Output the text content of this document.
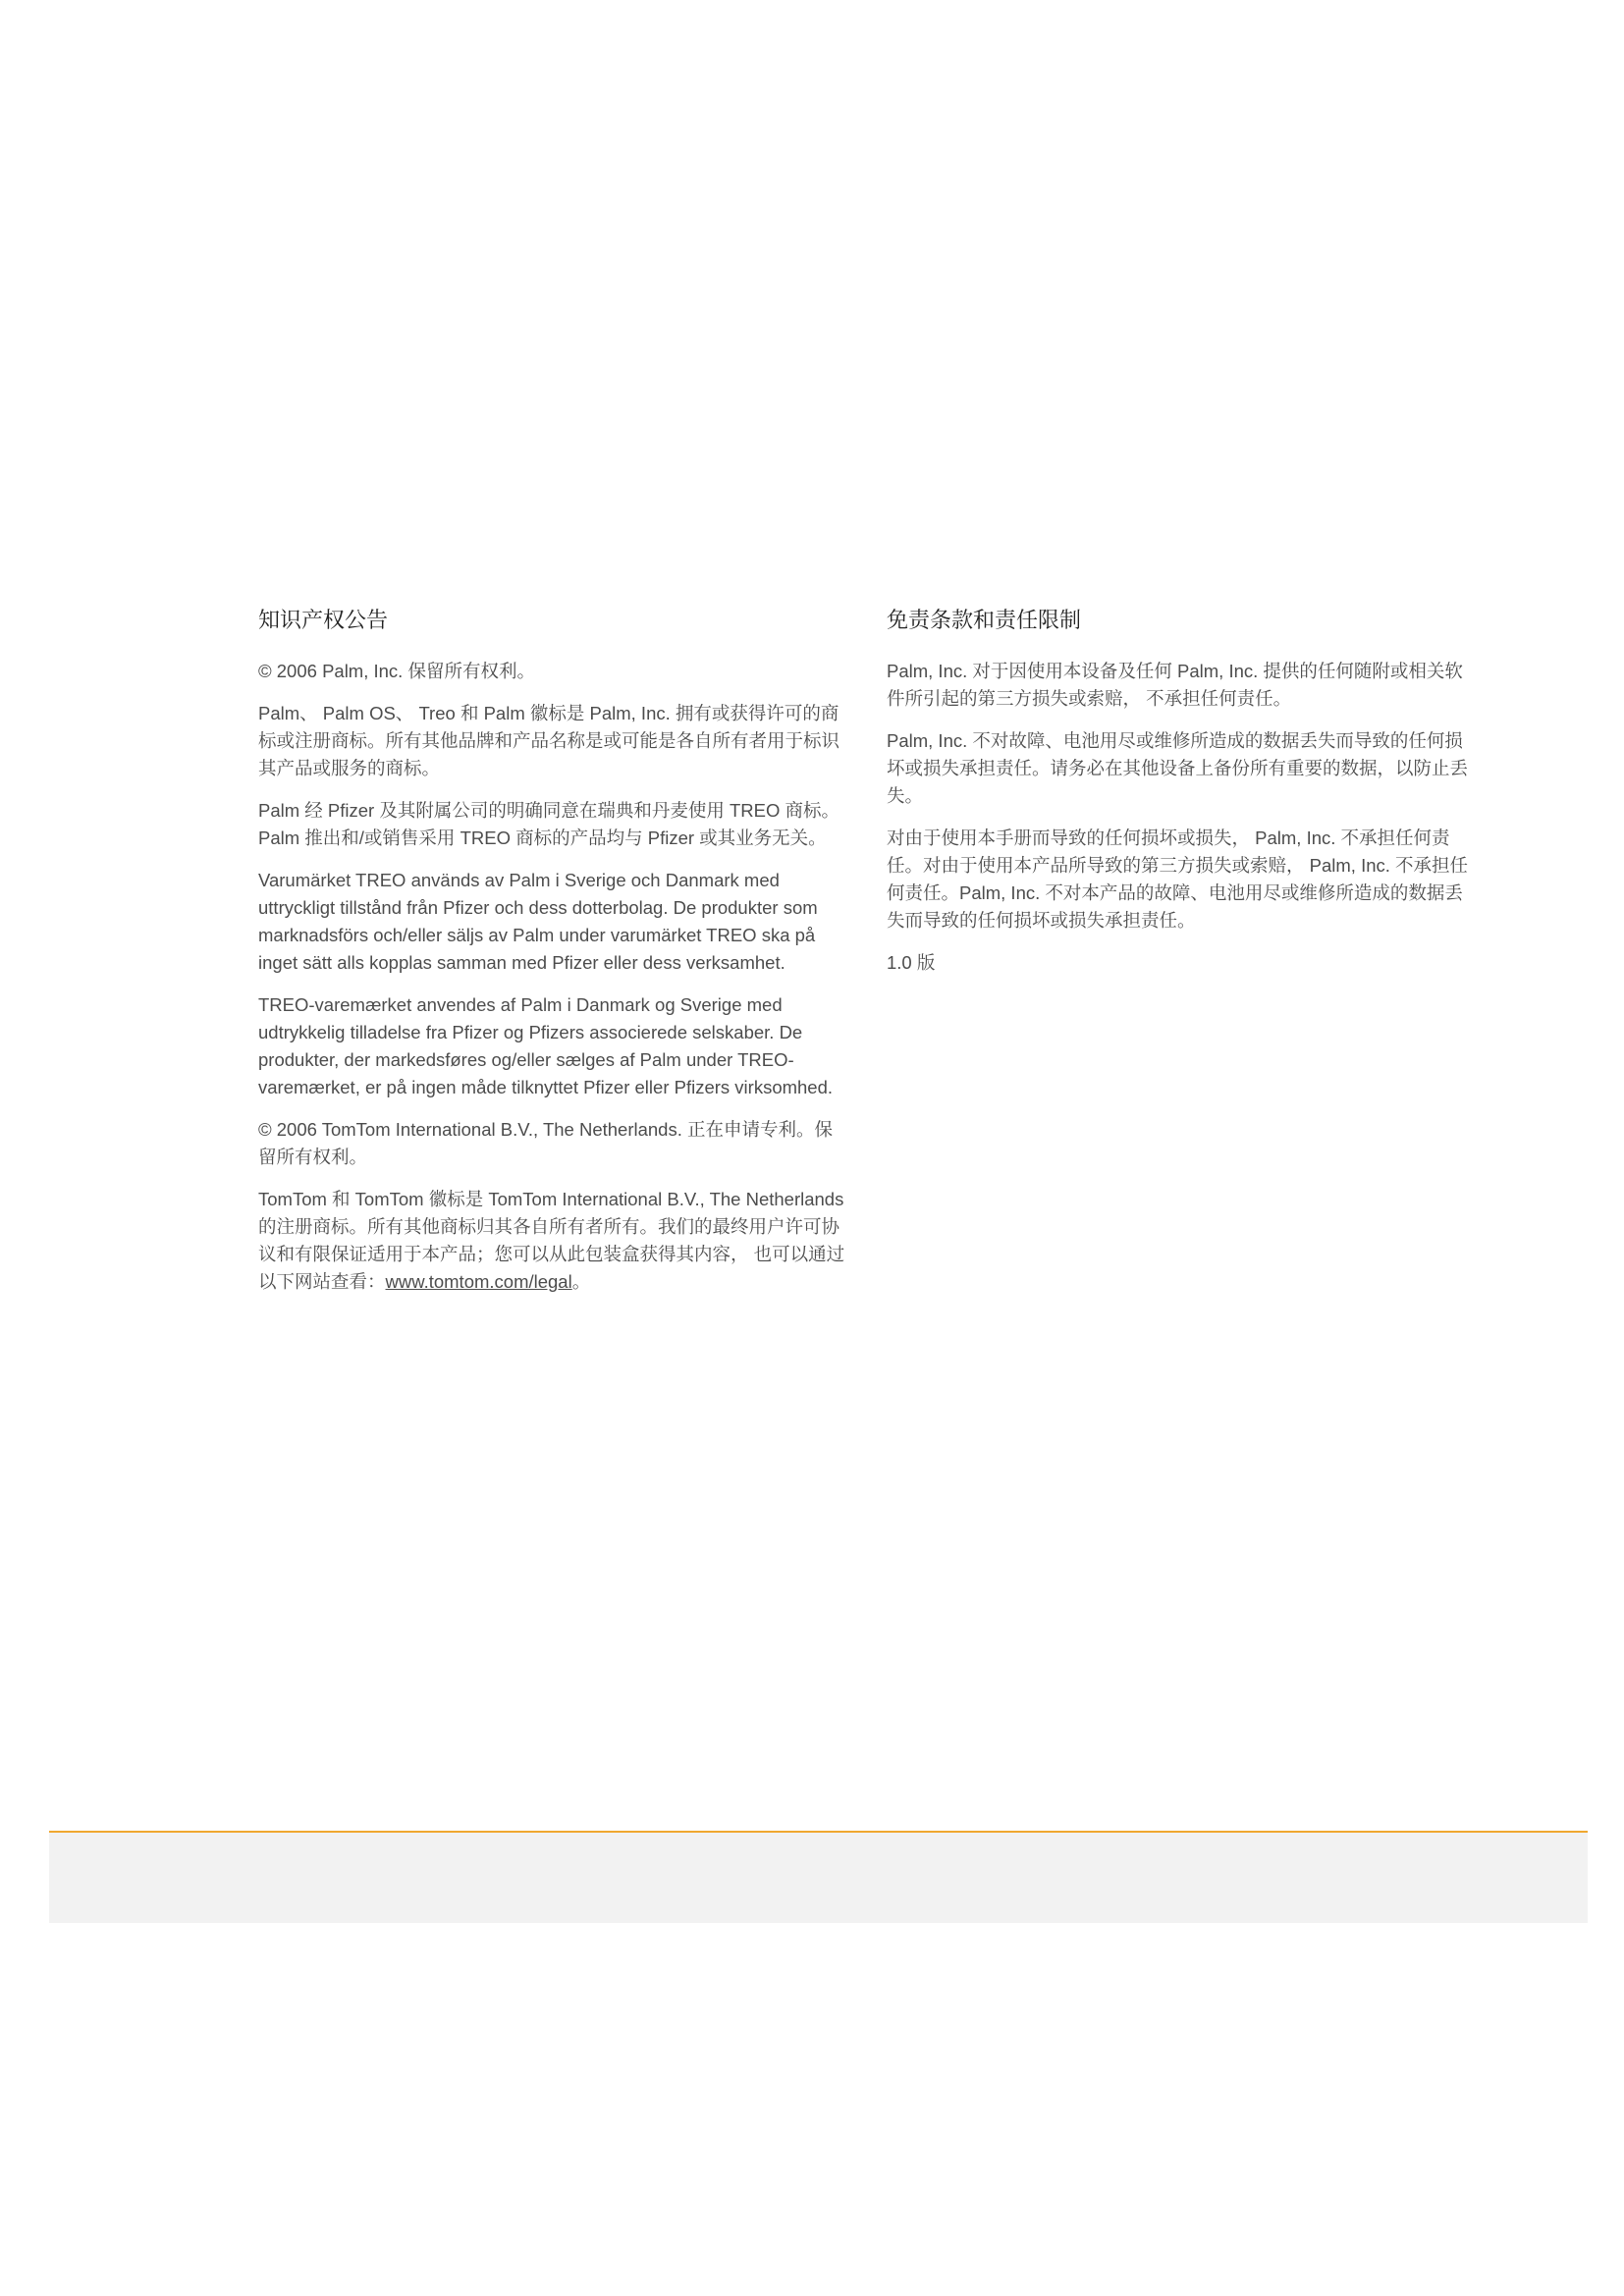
知识产权公告

© 2006 Palm, Inc. 保留所有权利。

Palm、 Palm OS、 Treo 和 Palm 徽标是 Palm, Inc. 拥有或获得许可的商标或注册商标。所有其他品牌和产品名称是或可能是各自所有者用于标识其产品或服务的商标。

Palm 经 Pfizer 及其附属公司的明确同意在瑞典和丹麦使用 TREO 商标。 Palm 推出和/或销售采用 TREO 商标的产品均与 Pfizer 或其业务无关。

Varumärket TREO används av Palm i Sverige och Danmark med uttryckligt tillstånd från Pfizer och dess dotterbolag. De produkter som marknadsförs och/eller säljs av Palm under varumärket TREO ska på inget sätt alls kopplas samman med Pfizer eller dess verksamhet.

TREO-varemærket anvendes af Palm i Danmark og Sverige med udtrykkelig tilladelse fra Pfizer og Pfizers associerede selskaber. De produkter, der markedsføres og/eller sælges af Palm under TREO-varemærket, er på ingen måde tilknyttet Pfizer eller Pfizers virksomhed.

© 2006 TomTom International B.V., The Netherlands. 正在申请专利。保留所有权利。

TomTom 和 TomTom 徽标是 TomTom International B.V., The Netherlands 的注册商标。所有其他商标归其各自所有者所有。我们的最终用户许可协议和有限保证适用于本产品；您可以从此包装盒获得其内容， 也可以通过以下网站查看：www.tomtom.com/legal。

免责条款和责任限制

Palm, Inc. 对于因使用本设备及任何 Palm, Inc. 提供的任何随附或相关软件所引起的第三方损失或索赔， 不承担任何责任。

Palm, Inc. 不对故障、电池用尽或维修所造成的数据丢失而导致的任何损坏或损失承担责任。请务必在其他设备上备份所有重要的数据，以防止丢失。

对由于使用本手册而导致的任何损坏或损失， Palm, Inc. 不承担任何责任。对由于使用本产品所导致的第三方损失或索赔， Palm, Inc. 不承担任何责任。Palm, Inc. 不对本产品的故障、电池用尽或维修所造成的数据丢失而导致的任何损坏或损失承担责任。

1.0 版
